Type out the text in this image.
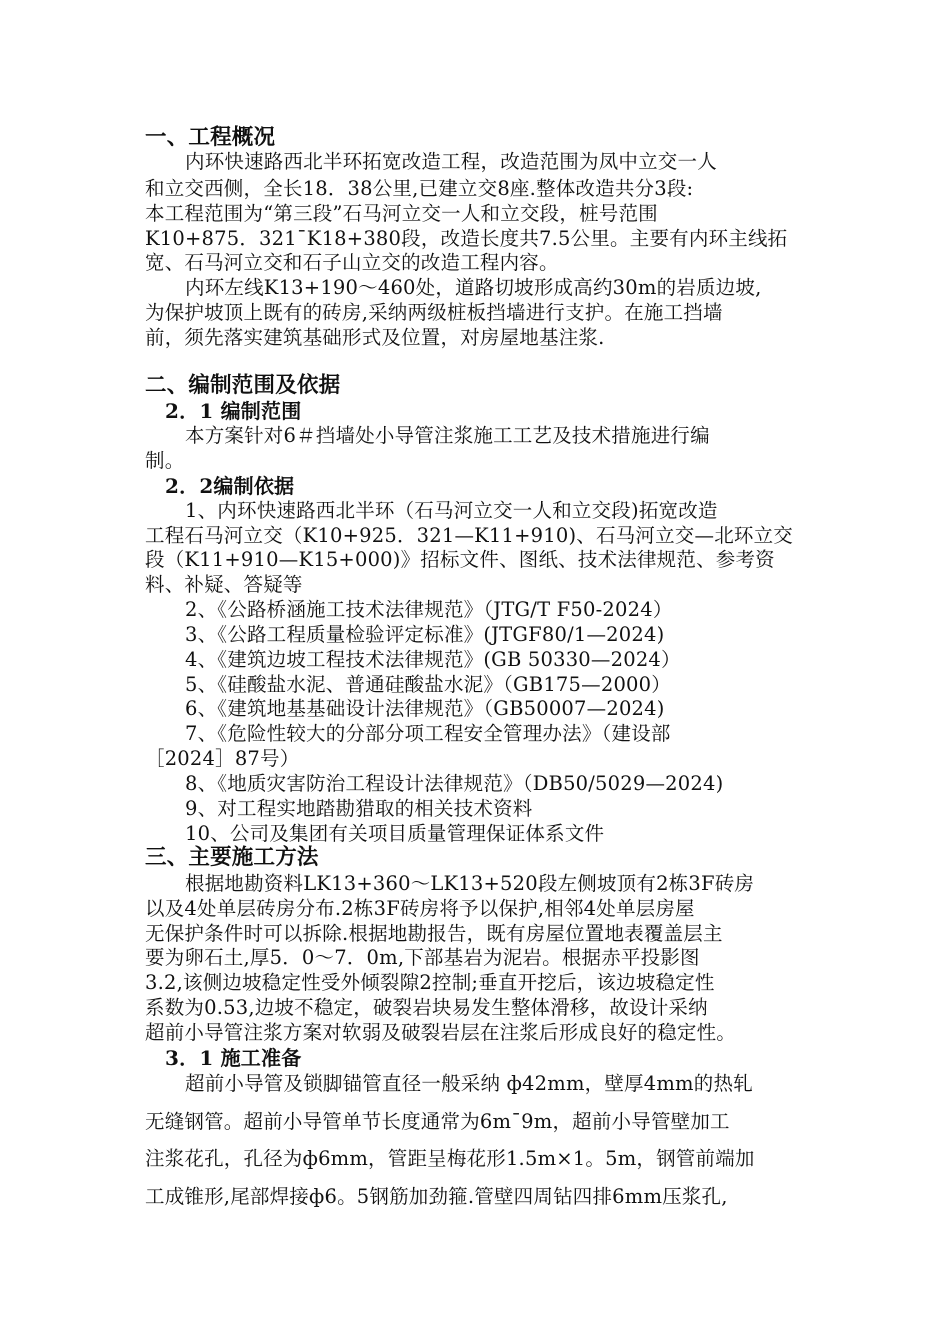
一、工程概况
内环快速路西北半环拓宽改造工程，改造范围为凤中立交一人
和立交西侧，全长18．38公里,已建立交8座.整体改造共分3段:
本工程范围为“第三段”石马河立交一人和立交段，桩号范围
K10+875．321¯K18+380段，改造长度共7.5公里。主要有内环主线拓
宽、石马河立交和石子山立交的改造工程内容。
内环左线K13+190～460处，道路切坡形成高约30m的岩质边坡,
为保护坡顶上既有的砖房,采纳两级桩板挡墙进行支护。在施工挡墙
前，须先落实建筑基础形式及位置，对房屋地基注浆.
二、编制范围及依据
2．1 编制范围
本方案针对6＃挡墙处小导管注浆施工工艺及技术措施进行编
制。
2．2编制依据
1、内环快速路西北半环（石马河立交一人和立交段)拓宽改造
工程石马河立交（K10+925．321—K11+910)、石马河立交—北环立交
段（K11+910—K15+000)》招标文件、图纸、技术法律规范、参考资
料、补疑、答疑等
2、《公路桥涵施工技术法律规范》（JTG/T F50-2024）
3、《公路工程质量检验评定标准》(JTGF80/1—2024)
4、《建筑边坡工程技术法律规范》(GB 50330—2024）
5、《硅酸盐水泥、普通硅酸盐水泥》（GB175—2000）
6、《建筑地基基础设计法律规范》（GB50007—2024)
7、《危险性较大的分部分项工程安全管理办法》（建设部
［2024］87号）
8、《地质灾害防治工程设计法律规范》（DB50/5029—2024)
9、对工程实地踏勘猎取的相关技术资料
10、公司及集团有关项目质量管理保证体系文件
三、主要施工方法
根据地勘资料LK13+360～LK13+520段左侧坡顶有2栋3F砖房
以及4处单层砖房分布.2栋3F砖房将予以保护,相邻4处单层房屋
无保护条件时可以拆除.根据地勘报告，既有房屋位置地表覆盖层主
要为卵石土,厚5．0～7．0m,下部基岩为泥岩。根据赤平投影图
3.2,该侧边坡稳定性受外倾裂隙2控制;垂直开挖后，该边坡稳定性
系数为0.53,边坡不稳定，破裂岩块易发生整体滑移，故设计采纳
超前小导管注浆方案对软弱及破裂岩层在注浆后形成良好的稳定性。
3．1 施工准备
超前小导管及锁脚锚管直径一般采纳 ф42mm，壁厚4mm的热轧
无缝钢管。超前小导管单节长度通常为6m¯9m，超前小导管壁加工
注浆花孔，孔径为ф6mm，管距呈梅花形1.5m×1。5m，钢管前端加
工成锥形,尾部焊接ф6。5钢筋加劲箍.管壁四周钻四排6mm压浆孔,
